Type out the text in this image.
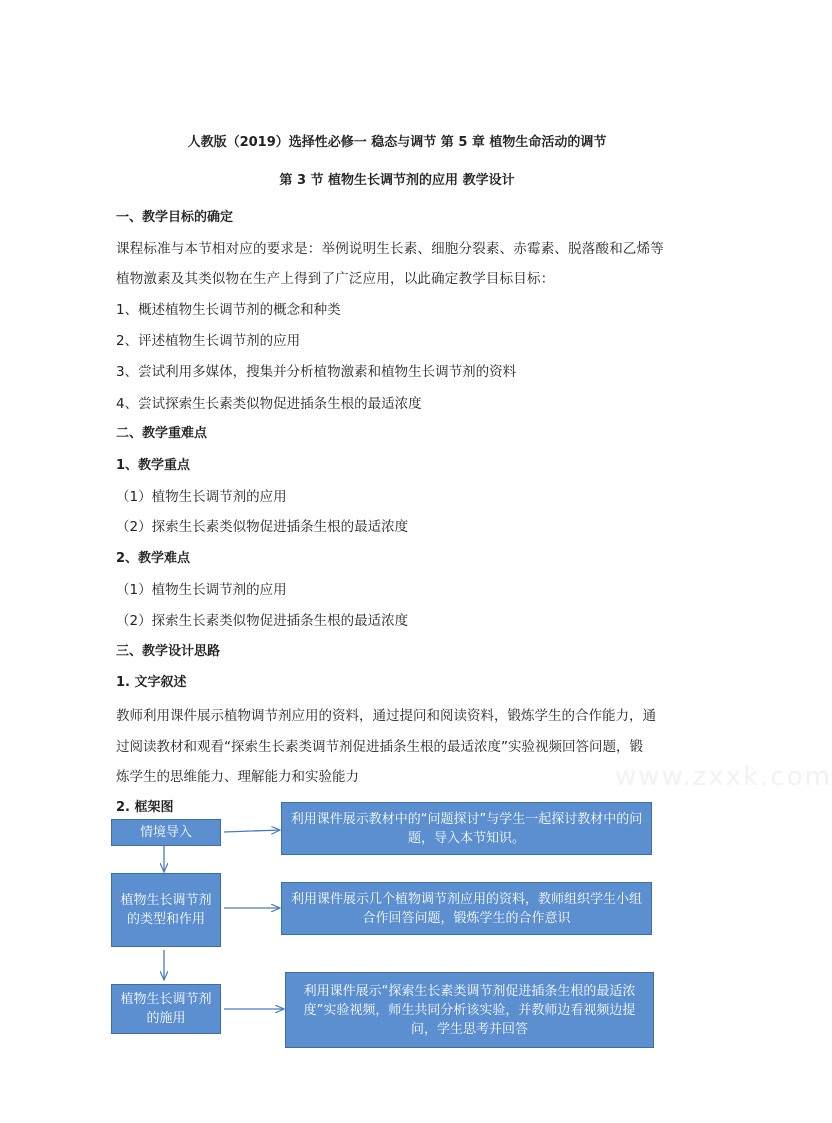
人教版（2019）选择性必修一 稳态与调节 第 5 章 植物生命活动的调节
第 3 节 植物生长调节剂的应用 教学设计
一、教学目标的确定
课程标准与本节相对应的要求是：举例说明生长素、细胞分裂素、赤霉素、脱落酸和乙烯等
植物激素及其类似物在生产上得到了广泛应用，以此确定教学目标目标：
1、概述植物生长调节剂的概念和种类
2、评述植物生长调节剂的应用
3、尝试利用多媒体，搜集并分析植物激素和植物生长调节剂的资料
4、尝试探索生长素类似物促进插条生根的最适浓度
二、教学重难点
1、教学重点
（1）植物生长调节剂的应用
（2）探索生长素类似物促进插条生根的最适浓度
2、教学难点
（1）植物生长调节剂的应用
（2）探索生长素类似物促进插条生根的最适浓度
三、教学设计思路
1. 文字叙述
教师利用课件展示植物调节剂应用的资料，通过提问和阅读资料，锻炼学生的合作能力，通
过阅读教材和观看“探索生长素类调节剂促进插条生根的最适浓度”实验视频回答问题，锻
炼学生的思维能力、理解能力和实验能力
2. 框架图
www.zxxk.com
情境导入
植物生长调节剂的类型和作用
植物生长调节剂的施用
利用课件展示教材中的“问题探讨”与学生一起探讨教材中的问题，导入本节知识。
利用课件展示几个植物调节剂应用的资料，教师组织学生小组合作回答问题，锻炼学生的合作意识
利用课件展示“探索生长素类调节剂促进插条生根的最适浓度”实验视频，师生共同分析该实验，并教师边看视频边提问，学生思考并回答
